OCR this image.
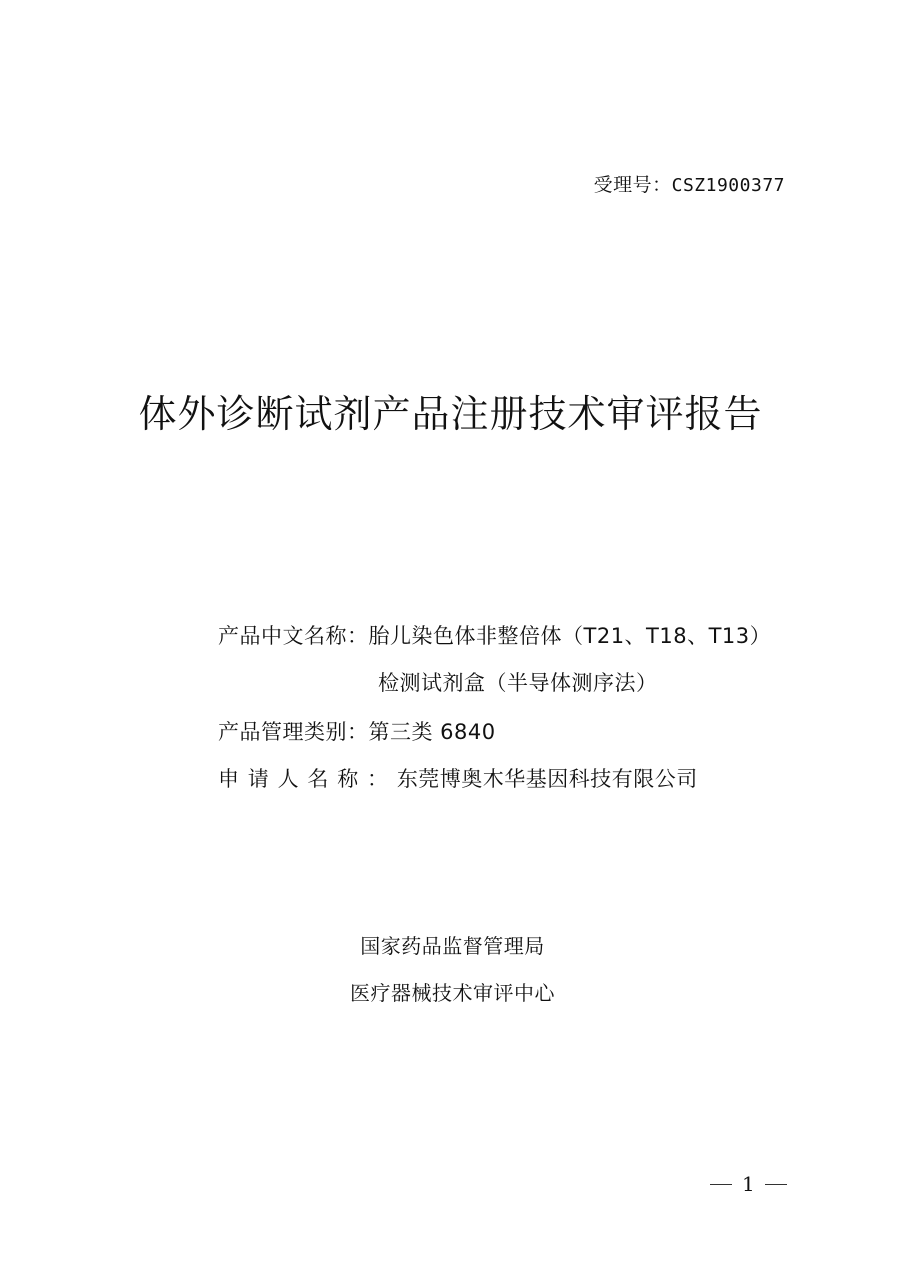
受理号：CSZ1900377
体外诊断试剂产品注册技术审评报告
产品中文名称：胎儿染色体非整倍体（T21、T18、T13）
检测试剂盒（半导体测序法）
产品管理类别：第三类 6840
申请人名称：东莞博奥木华基因科技有限公司
国家药品监督管理局
医疗器械技术审评中心
1
